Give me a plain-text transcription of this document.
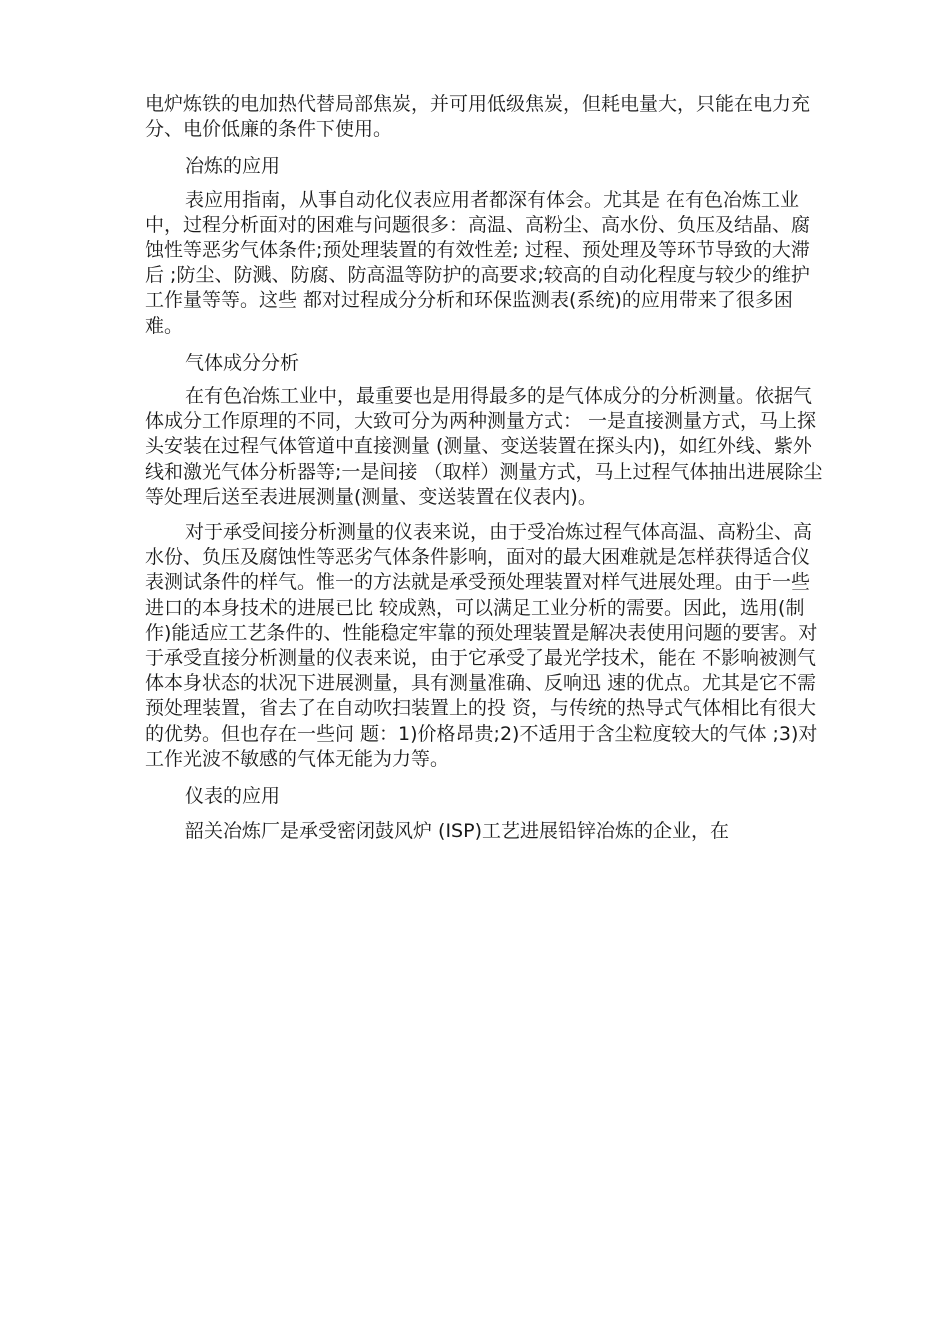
电炉炼铁的电加热代替局部焦炭，并可用低级焦炭，但耗电量大，只能在电力充分、电价低廉的条件下使用。

冶炼的应用

表应用指南，从事自动化仪表应用者都深有体会。尤其是 在有色冶炼工业中，过程分析面对的困难与问题很多：高温、高粉尘、高水份、负压及结晶、腐蚀性等恶劣气体条件;预处理装置的有效性差; 过程、预处理及等环节导致的大滞后 ;防尘、防溅、防腐、防高温等防护的高要求;较高的自动化程度与较少的维护工作量等等。这些 都对过程成分分析和环保监测表(系统)的应用带来了很多困难。

气体成分分析

在有色冶炼工业中，最重要也是用得最多的是气体成分的分析测量。依据气体成分工作原理的不同，大致可分为两种测量方式： 一是直接测量方式，马上探头安装在过程气体管道中直接测量 (测量、变送装置在探头内)，如红外线、紫外线和激光气体分析器等;一是间接 （取样）测量方式，马上过程气体抽出进展除尘等处理后送至表进展测量(测量、变送装置在仪表内)。

对于承受间接分析测量的仪表来说，由于受冶炼过程气体高温、高粉尘、高水份、负压及腐蚀性等恶劣气体条件影响，面对的最大困难就是怎样获得适合仪表测试条件的样气。惟一的方法就是承受预处理装置对样气进展处理。由于一些进口的本身技术的进展已比 较成熟，可以满足工业分析的需要。因此，选用(制作)能适应工艺条件的、性能稳定牢靠的预处理装置是解决表使用问题的要害。对 于承受直接分析测量的仪表来说，由于它承受了最光学技术，能在 不影响被测气体本身状态的状况下进展测量，具有测量准确、反响迅 速的优点。尤其是它不需预处理装置，省去了在自动吹扫装置上的投 资，与传统的热导式气体相比有很大的优势。但也存在一些问 题：1)价格昂贵;2)不适用于含尘粒度较大的气体 ;3)对工作光波不敏感的气体无能为力等。

仪表的应用

韶关冶炼厂是承受密闭鼓风炉 (ISP)工艺进展铅锌冶炼的企业，在
